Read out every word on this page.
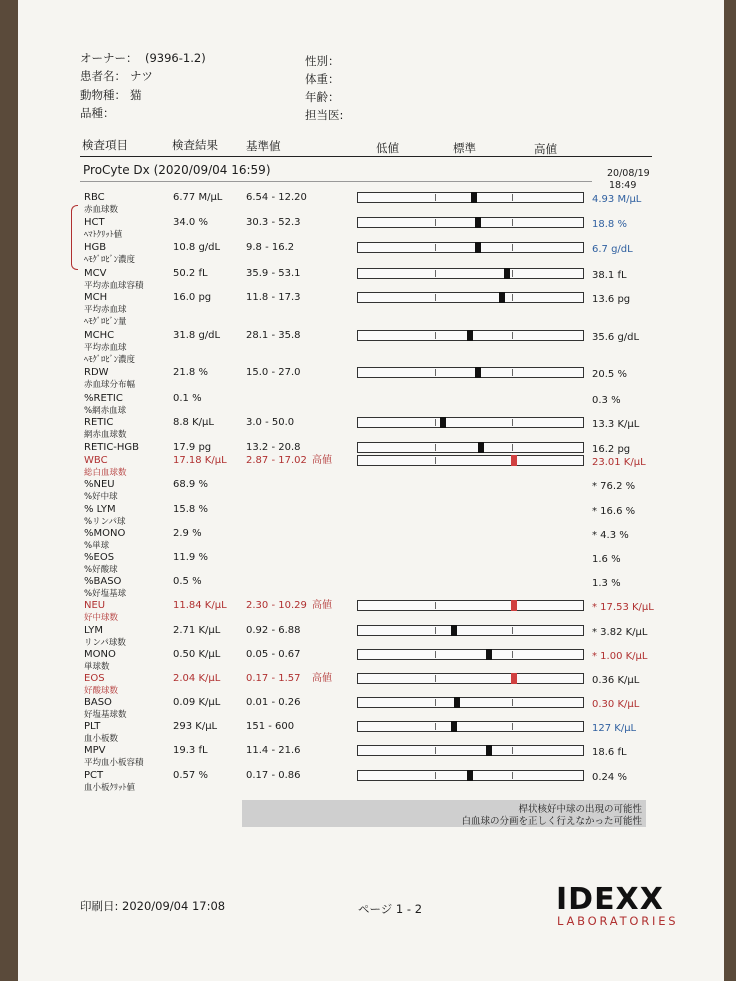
オーナー： (9396-1.2)
患者名： ナツ
動物種： 猫
品種：
性別：
体重：
年齢：
担当医:
検査項目	検査結果 基準値	低値	標準	高値
ProCyte Dx (2020/09/04 16:59)	20/08/19
18:49
RBC
赤血球数
6.77 M/μL 6.54 - 12.20	4.93 M/μL
HCT
ﾍﾏﾄｸﾘｯﾄ値
34.0 %	30.3 - 52.3	18.8 %
HGB
ﾍﾓｸﾞﾛﾋﾞﾝ濃度
10.8 g/dL	9.8 - 16.2	6.7 g/dL
MCV
平均赤血球容積
50.2 fL	35.9 - 53.1	38.1 fL
MCH
平均赤血球
ﾍﾓｸﾞﾛﾋﾞﾝ量
16.0 pg	11.8 - 17.3	13.6 pg
MCHC
平均赤血球
ﾍﾓｸﾞﾛﾋﾞﾝ濃度
31.8 g/dL	28.1 - 35.8	35.6 g/dL
RDW
赤血球分布幅
21.8 %	15.0 - 27.0	20.5 %
%RETIC
%網赤血球
0.1 %	0.3 %
RETIC
網赤血球数
8.8 K/μL	3.0 - 50.0	13.3 K/μL
RETIC-HGB	17.9 pg	13.2 - 20.8	16.2 pg
WBC
総白血球数
17.18 K/μL 2.87 - 17.02 高値	23.01 K/μL
%NEU
%好中球
68.9 %	* 76.2 %
% LYM
%リンパ球
15.8 %	* 16.6 %
%MONO
%単球
2.9 %	* 4.3 %
%EOS
%好酸球
11.9 %	1.6 %
%BASO
%好塩基球
0.5 %	1.3 %
NEU
好中球数
11.84 K/μL 2.30 - 10.29 高値	* 17.53 K/μL
LYM
リンパ球数
2.71 K/μL	0.92 - 6.88	* 3.82 K/μL
MONO
単球数
0.50 K/μL	0.05 - 0.67	* 1.00 K/μL
EOS
好酸球数
2.04 K/μL	0.17 - 1.57 高値	0.36 K/μL
BASO
好塩基球数
0.09 K/μL	0.01 - 0.26	0.30 K/μL
PLT
血小板数
293 K/μL	151 - 600	127 K/μL
MPV
平均血小板容積
19.3 fL	11.4 - 21.6	18.6 fL
PCT
血小板ｸﾘｯﾄ値
0.57 %	0.17 - 0.86	0.24 %
桿状核好中球の出現の可能性
白血球の分画を正しく行えなかった可能性
印刷日: 2020/09/04 17:08	ページ 1 - 2	IDEXX
LABORATORIES
